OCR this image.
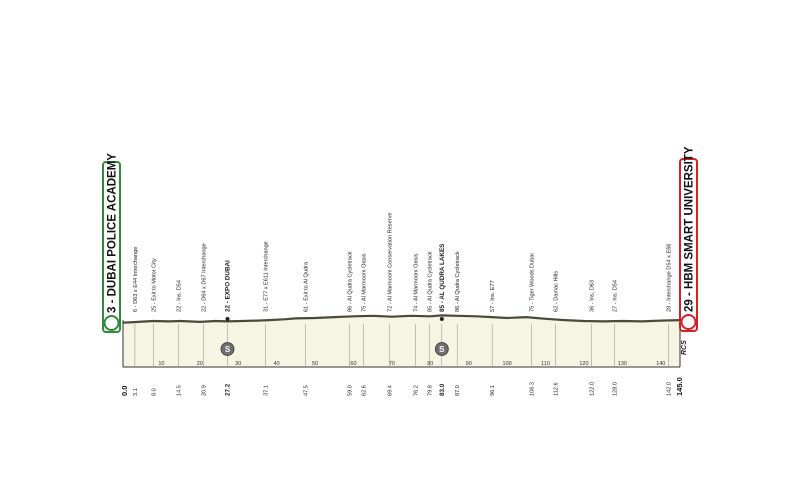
10	20	30	40	50	60	70	80	90	100	110	120	130	140
6 - D63 x E44 Interchange
3.1
25 - Exit to Motor City
8.0
22 - Ins. D54
14.5
22 - D64 x D67 Interchange
20.9
22 - EXPO DUBAI
27.2
31 - E77 x E611 Interchange
37.1
61 - Exit to Al Qudra
47.5
86 - Al Qudra Cycletrack
59.0
75 - Al Marmoom Oasis
62.6
72 - Al Marmoom Conservation Reserve
69.4
74 - Al Marmoom Oasis
76.2
85 - Al Qudra Cycletrack
79.8
85 - AL QUDRA LAKES
83.0
86 - Al Qudra Cycletrack
87.0
57 - Ins. E77
96.1
75 - Tiger Woods Dubai
106.3
62 - Damac Hills
112.6
36 - Ins. D63
122.0
27 - Ins. D54
128.0
28 - Interchange D54 x E66
142.0
S	S
3 - DUBAI POLICE ACADEMY	29 - HBM SMART UNIVERSITY
0.0	145.0
RCS
